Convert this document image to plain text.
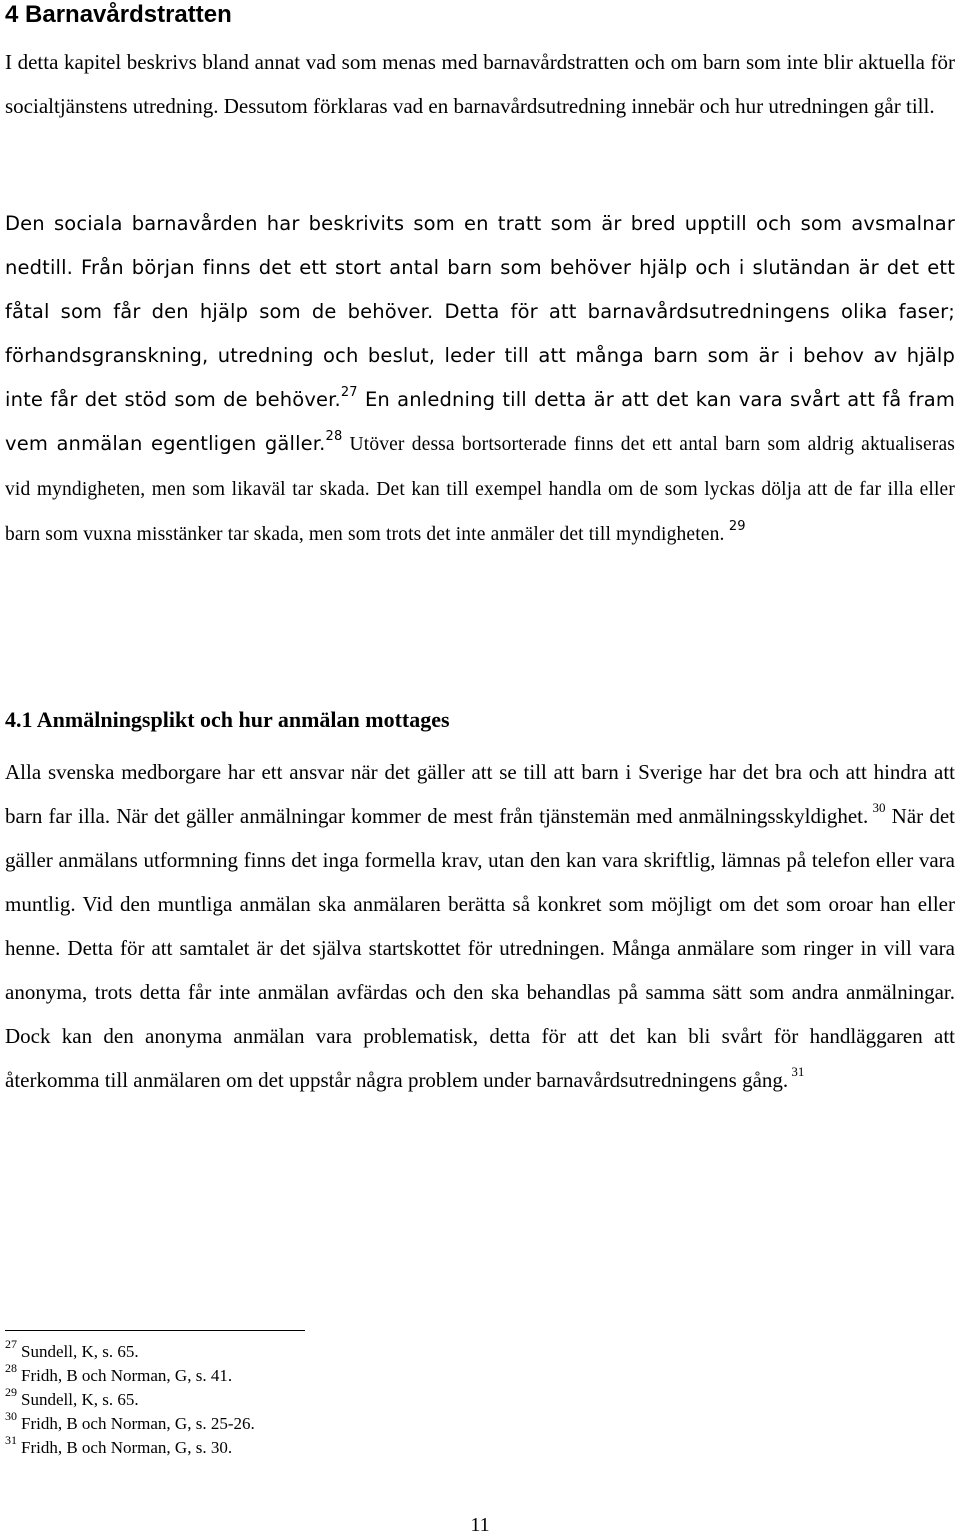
4 Barnavårdstratten

I detta kapitel beskrivs bland annat vad som menas med barnavårdstratten och om barn som inte blir aktuella för socialtjänstens utredning. Dessutom förklaras vad en barnavårdsutredning innebär och hur utredningen går till.

Den sociala barnavården har beskrivits som en tratt som är bred upptill och som avsmalnar nedtill. Från början finns det ett stort antal barn som behöver hjälp och i slutändan är det ett fåtal som får den hjälp som de behöver. Detta för att barnavårdsutredningens olika faser; förhandsgranskning, utredning och beslut, leder till att många barn som är i behov av hjälp inte får det stöd som de behöver.$^{27}$ En anledning till detta är att det kan vara svårt att få fram vem anmälan egentligen gäller.$^{28}$ Utöver dessa bortsorterade finns det ett antal barn som aldrig aktualiseras vid myndigheten, men som likaväl tar skada. Det kan till exempel handla om de som lyckas dölja att de far illa eller barn som vuxna misstänker tar skada, men som trots det inte anmäler det till myndigheten. $^{29}$

4.1 Anmälningsplikt och hur anmälan mottages

Alla svenska medborgare har ett ansvar när det gäller att se till att barn i Sverige har det bra och att hindra att barn far illa. När det gäller anmälningar kommer de mest från tjänstemän med anmälningsskyldighet. $^{30}$ När det gäller anmälans utformning finns det inga formella krav, utan den kan vara skriftlig, lämnas på telefon eller vara muntlig. Vid den muntliga anmälan ska anmälaren berätta så konkret som möjligt om det som oroar han eller henne. Detta för att samtalet är det själva startskottet för utredningen. Många anmälare som ringer in vill vara anonyma, trots detta får inte anmälan avfärdas och den ska behandlas på samma sätt som andra anmälningar. Dock kan den anonyma anmälan vara problematisk, detta för att det kan bli svårt för handläggaren att återkomma till anmälaren om det uppstår några problem under barnavårdsutredningens gång. $^{31}$

$^{27}$ Sundell, K, s. 65.
$^{28}$ Fridh, B och Norman, G, s. 41.
$^{29}$ Sundell, K, s. 65.
$^{30}$ Fridh, B och Norman, G, s. 25-26.
$^{31}$ Fridh, B och Norman, G, s. 30.
11
